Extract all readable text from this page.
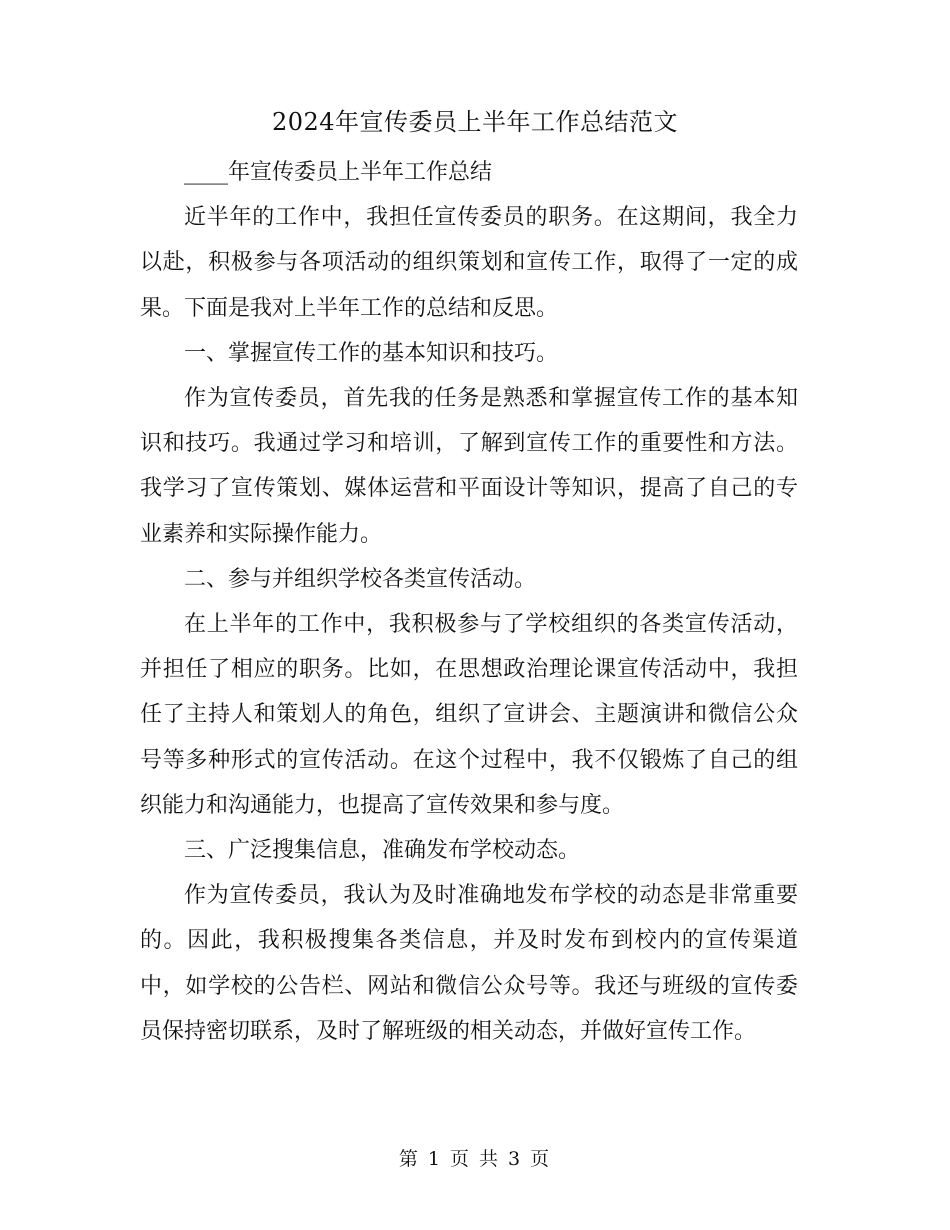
2024年宣传委员上半年工作总结范文

____年宣传委员上半年工作总结

近半年的工作中，我担任宣传委员的职务。在这期间，我全力以赴，积极参与各项活动的组织策划和宣传工作，取得了一定的成果。下面是我对上半年工作的总结和反思。

一、掌握宣传工作的基本知识和技巧。

作为宣传委员，首先我的任务是熟悉和掌握宣传工作的基本知识和技巧。我通过学习和培训，了解到宣传工作的重要性和方法。我学习了宣传策划、媒体运营和平面设计等知识，提高了自己的专业素养和实际操作能力。

二、参与并组织学校各类宣传活动。

在上半年的工作中，我积极参与了学校组织的各类宣传活动，并担任了相应的职务。比如，在思想政治理论课宣传活动中，我担任了主持人和策划人的角色，组织了宣讲会、主题演讲和微信公众号等多种形式的宣传活动。在这个过程中，我不仅锻炼了自己的组织能力和沟通能力，也提高了宣传效果和参与度。

三、广泛搜集信息，准确发布学校动态。

作为宣传委员，我认为及时准确地发布学校的动态是非常重要的。因此，我积极搜集各类信息，并及时发布到校内的宣传渠道中，如学校的公告栏、网站和微信公众号等。我还与班级的宣传委员保持密切联系，及时了解班级的相关动态，并做好宣传工作。

第 1 页 共 3 页
